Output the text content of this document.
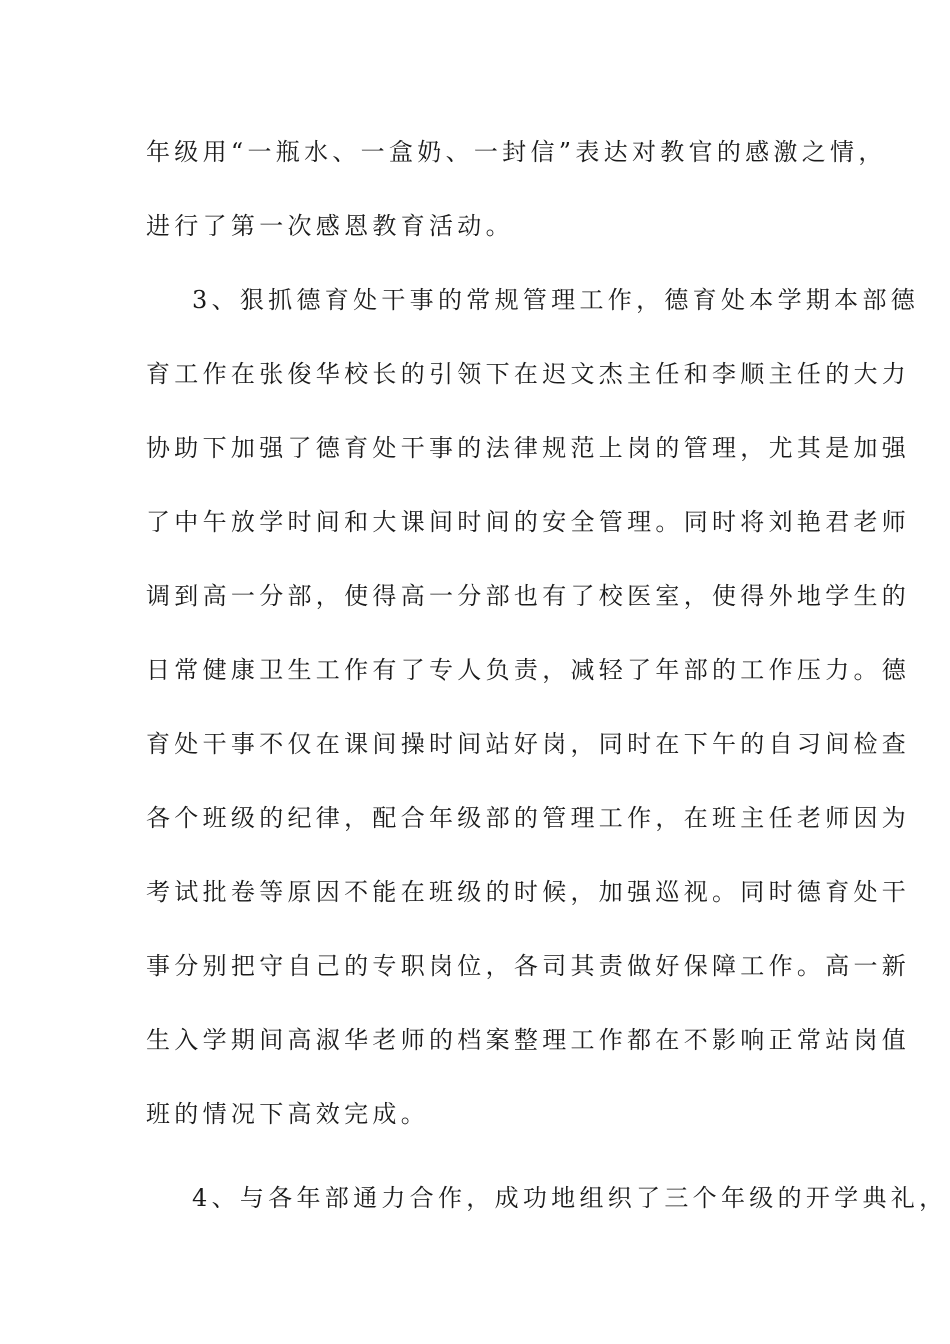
年级用“一瓶水、一盒奶、一封信”表达对教官的感激之情，
进行了第一次感恩教育活动。
3、狠抓德育处干事的常规管理工作，德育处本学期本部德
育工作在张俊华校长的引领下在迟文杰主任和李顺主任的大力
协助下加强了德育处干事的法律规范上岗的管理，尤其是加强
了中午放学时间和大课间时间的安全管理。同时将刘艳君老师
调到高一分部，使得高一分部也有了校医室，使得外地学生的
日常健康卫生工作有了专人负责，减轻了年部的工作压力。德
育处干事不仅在课间操时间站好岗，同时在下午的自习间检查
各个班级的纪律，配合年级部的管理工作，在班主任老师因为
考试批卷等原因不能在班级的时候，加强巡视。同时德育处干
事分别把守自己的专职岗位，各司其责做好保障工作。高一新
生入学期间高淑华老师的档案整理工作都在不影响正常站岗值
班的情况下高效完成。
4、与各年部通力合作，成功地组织了三个年级的开学典礼，
